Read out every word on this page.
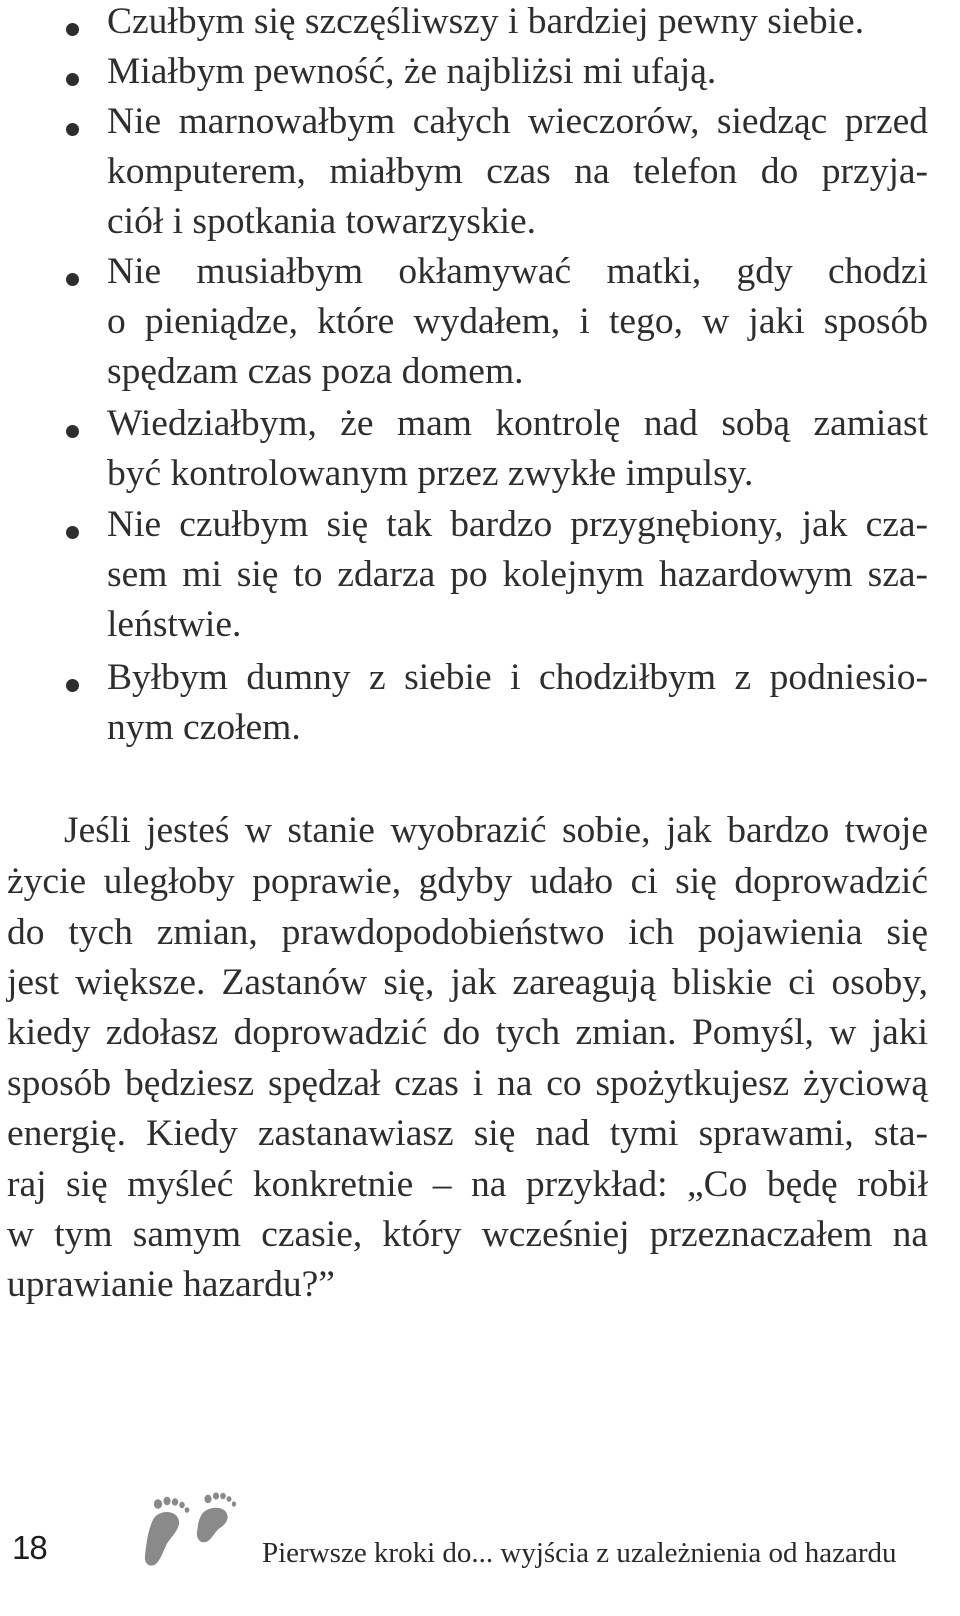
Czułbym się szczęśliwszy i bardziej pewny siebie.
Miałbym pewność, że najbliżsi mi ufają.
Nie marnowałbym całych wieczorów, siedząc przed
komputerem, miałbym czas na telefon do przyja-
ciół i spotkania towarzyskie.
Nie musiałbym okłamywać matki, gdy chodzi
o pieniądze, które wydałem, i tego, w jaki sposób
spędzam czas poza domem.
Wiedziałbym, że mam kontrolę nad sobą zamiast
być kontrolowanym przez zwykłe impulsy.
Nie czułbym się tak bardzo przygnębiony, jak cza-
sem mi się to zdarza po kolejnym hazardowym sza-
leństwie.
Byłbym dumny z siebie i chodziłbym z podniesio-
nym czołem.
Jeśli jesteś w stanie wyobrazić sobie, jak bardzo twoje
życie uległoby poprawie, gdyby udało ci się doprowadzić
do tych zmian, prawdopodobieństwo ich pojawienia się
jest większe. Zastanów się, jak zareagują bliskie ci osoby,
kiedy zdołasz doprowadzić do tych zmian. Pomyśl, w jaki
sposób będziesz spędzał czas i na co spożytkujesz życiową
energię. Kiedy zastanawiasz się nad tymi sprawami, sta-
raj się myśleć konkretnie – na przykład: „Co będę robił
w tym samym czasie, który wcześniej przeznaczałem na
uprawianie hazardu?”
18	Pierwsze kroki do... wyjścia z uzależnienia od hazardu
